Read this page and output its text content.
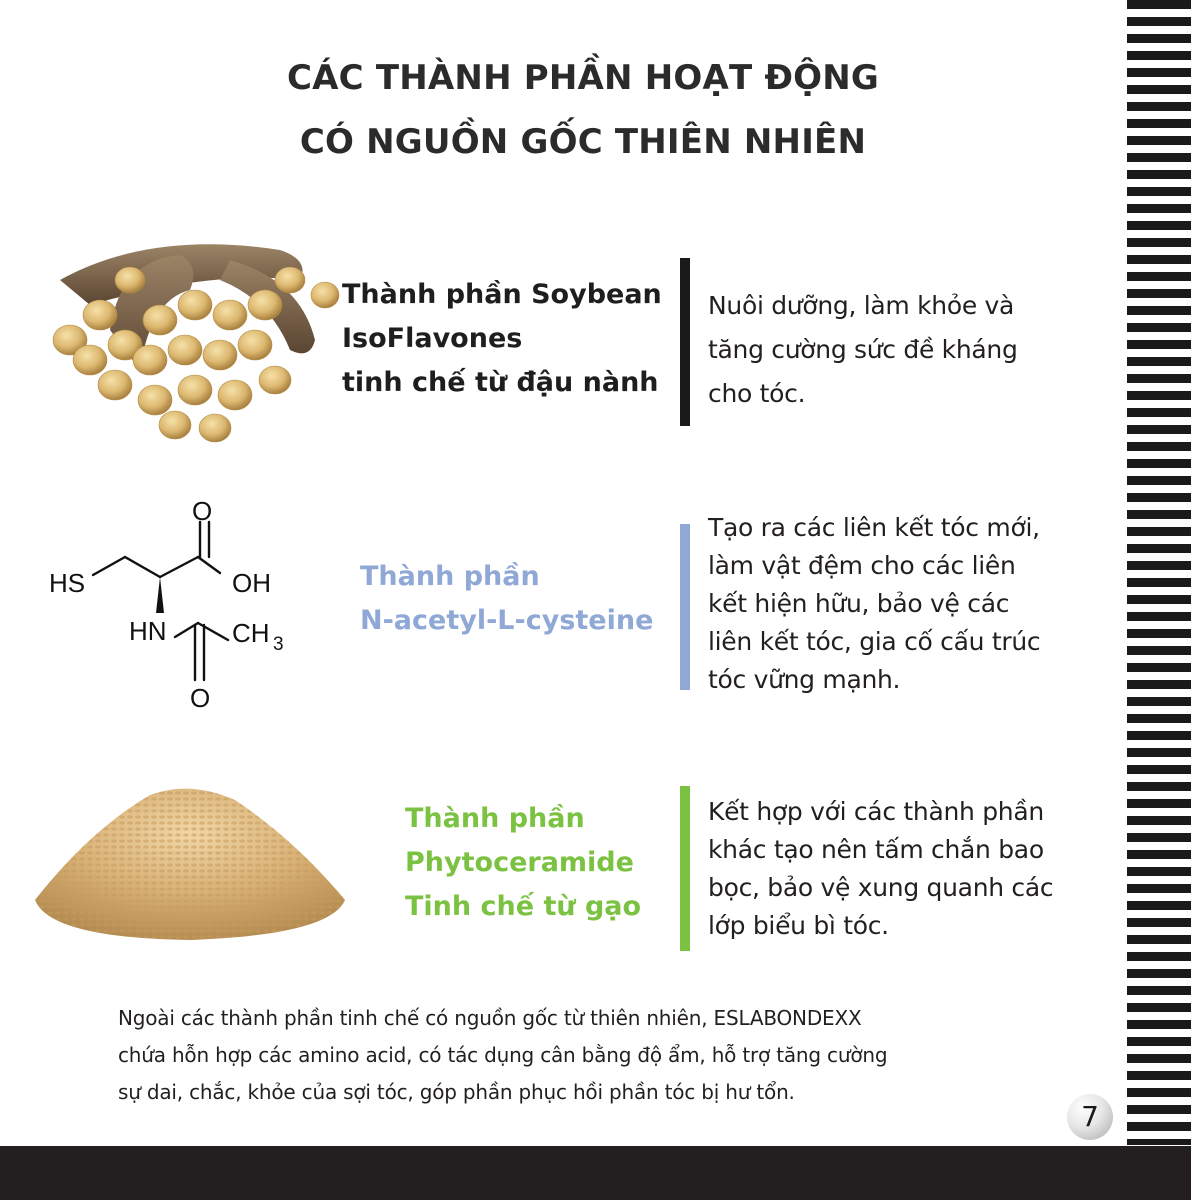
CÁC THÀNH PHẦN HOẠT ĐỘNG
CÓ NGUỒN GỐC THIÊN NHIÊN
Thành phần Soybean
IsoFlavones
tinh chế từ đậu nành
Nuôi dưỡng, làm khỏe và
tăng cường sức đề kháng
cho tóc.
O
HS	OH
HN	CH 3
O
Thành phần
N-acetyl-L-cysteine
Tạo ra các liên kết tóc mới,
làm vật đệm cho các liên
kết hiện hữu, bảo vệ các
liên kết tóc, gia cố cấu trúc
tóc vững mạnh.
Thành phần
Phytoceramide
Tinh chế từ gạo
Kết hợp với các thành phần
khác tạo nên tấm chắn bao
bọc, bảo vệ xung quanh các
lớp biểu bì tóc.
Ngoài các thành phần tinh chế có nguồn gốc từ thiên nhiên, ESLABONDEXX
chứa hỗn hợp các amino acid, có tác dụng cân bằng độ ẩm, hỗ trợ tăng cường
sự dai, chắc, khỏe của sợi tóc, góp phần phục hồi phần tóc bị hư tổn.
7
